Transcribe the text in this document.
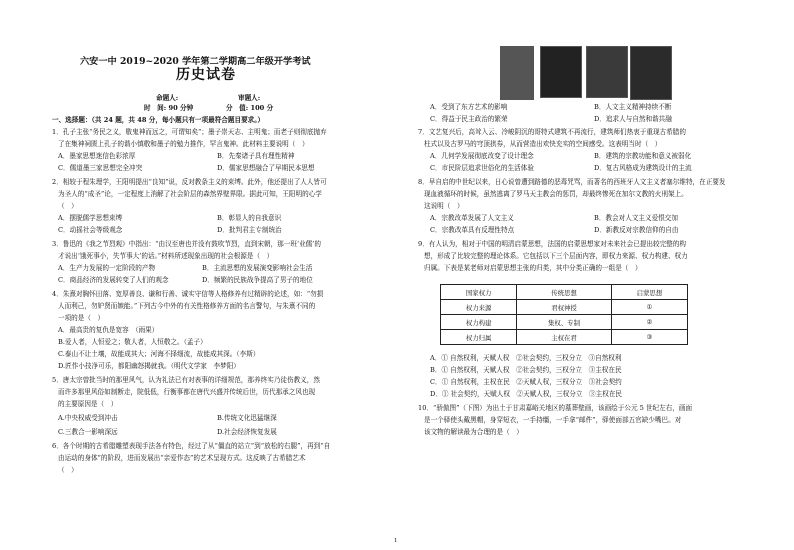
六安一中 2019~2020 学年第二学期高二年级开学考试
历史试卷
命题人:	审题人:
时　间: 90 分钟	分　值: 100 分
一、选择题：（共 24 题，共 48 分，每小题只有一项最符合题目要求。）
1．孔子主张“务民之义，敬鬼神而远之，可谓知矣”；墨子崇天志、主明鬼；而老子则彻底抛弃
了在集神祠匮上孔子的谐小慎敬和墨子的勉力推作，罕言鬼神。此材料主要说明（　）
A．墨家思想迷信色彩浓厚	B．先秦诸子具有理性精神
C．儒道墨三家思想完全冲突	D．儒家思想融合了早期民本思想
2．相较于程朱理学，王阳明提出“良知”说，反对教条主义的束缚。此外，他还提出了人人皆可
为圣人的“成圣”论，一定程度上消解了社会阶层的森然界壁界限。据此可知，王阳明的心学
（　）
A．摆脱儒学思想束缚	B．彰显人的自我意识
C．动摇社会等级观念	D．批判君主专制统治
3．鲁迅的《我之节烈观》中指出：“由汉至唐也并没有鼓吹节烈，直到宋朝，那一班‘业儒’的
才说出‘饿死事小，失节事大’的话。”材料所述现象出现的社会根源是（　）
A．生产力发展的一定阶段的产物	B．主流思想的发展演变影响社会生活
C．商品经济的发展转变了人们的观念	D．频繁的民族战争提高了男子的地位
4．朱熹对胸怀田落、宽厚善良、谦和行善、诚实守信等人格修养有过精辟的论述，如：“勿损
人而利己，勿妒贤而嫉能。”下列古今中外的有关性格修养方面的名言警句，与朱熹不同的
一项的是（　）
A．最高贵的复仇是宽容　（雨果）
B.爱人者，人恒爱之；敬人者，人恒敬之。（孟子）
C.泰山不让土壤，故能成其大；河海不择细流，故能成其深。（李斯）
D.匠作小技净可乐，都阳幽怒揭就我。（明代文学家　李梦阳）
5．唐太宗曾批当时的那里风气，认为礼法已有对表事的详细规范，那养终实乃徒伤教义，然
而许多那里风俗如制断走，院低低，行衡事都在唐代兴盛并传统后世，历代那承之风也现
的主要原因是（　）
A.中央权威受到冲击	B.传统文化迅猛继深
C.三教合一影响深远	D.社会经济恢复发展
6．各个时期的古希腊雕塑表现手法各有特色，经过了从“僵直的站立”到“放松的右腿”，再到“自
由运动的身体”的阶段，进而发展出“亲爱作态”的艺术呈现方式。这反映了古希腊艺术
（　）
A．受到了东方艺术的影响	B．人文主义精神持续不断
C．得益于民主政治的繁荣	D．追求人与自然和谐共融
7．文艺复兴后，高耸入云、冷峻阴沉的哥特式建筑不再流行，建筑师们热衷于重现古希腊的
柱式以及古罗马的穹顶拱券，从而营造出欢快充实的空间感受。这表明当时（　）
A．几何学发展彻底改变了设计理念	B．建筑的宗教功能和意义被弱化
C．市民阶层追求世俗化的生活体验	D．复古风格成为建筑设计的主流
8．早自启的中世纪以来，日心说曾遭到路德的恶毒咒骂，而著名的西班牙人文主义者塞尔维特，在正要发
现血液循环的时候，虽然逃离了罗马天主教会的惩罚，却最终惨死在加尔文教的火刑架上。
这说明（　）
A．宗教改革发展了人文主义	B．教会对人文主义爱恨交加
C．宗教改革具有反理性特点	D．新教反对宗教信仰的自由
9．有人认为，相对于中国的明清启蒙思想，法国的启蒙思想家对未来社会已提出较完整的构
想，形成了比较完整的理论体系。它包括以下三个层面内容，即权力来源、权力构建、权力
归属。下表是某老师对启蒙思想主张的归类，其中分类正确的一组是（　）
国家权力	传统思想	启蒙思想
权力来源	君权神授	①
权力构建	集权、专制	②
权力归属	主权在君	③
A．① 自然权利，天赋人权　②社会契约，三权分立　③自然权利
B．① 自然权利，天赋人权　②社会契约，三权分立　③主权在民
C．① 自然权利，主权在民　②天赋人权，三权分立　③社会契约
D．① 社会契约，天赋人权　②天赋人权，三权分立　③主权在民
10．“骄傲图”（下图）为出土于甘肃嘉峪关地区的墓葬壁画，该画绘于公元 5 世纪左右，画面
是一个驿使头戴黑帽，身穿短衣，一手持缰，一手拿“邮件”，驿使面部五官缺少嘴巴。对
该文物的解读最为合理的是（　）
1
